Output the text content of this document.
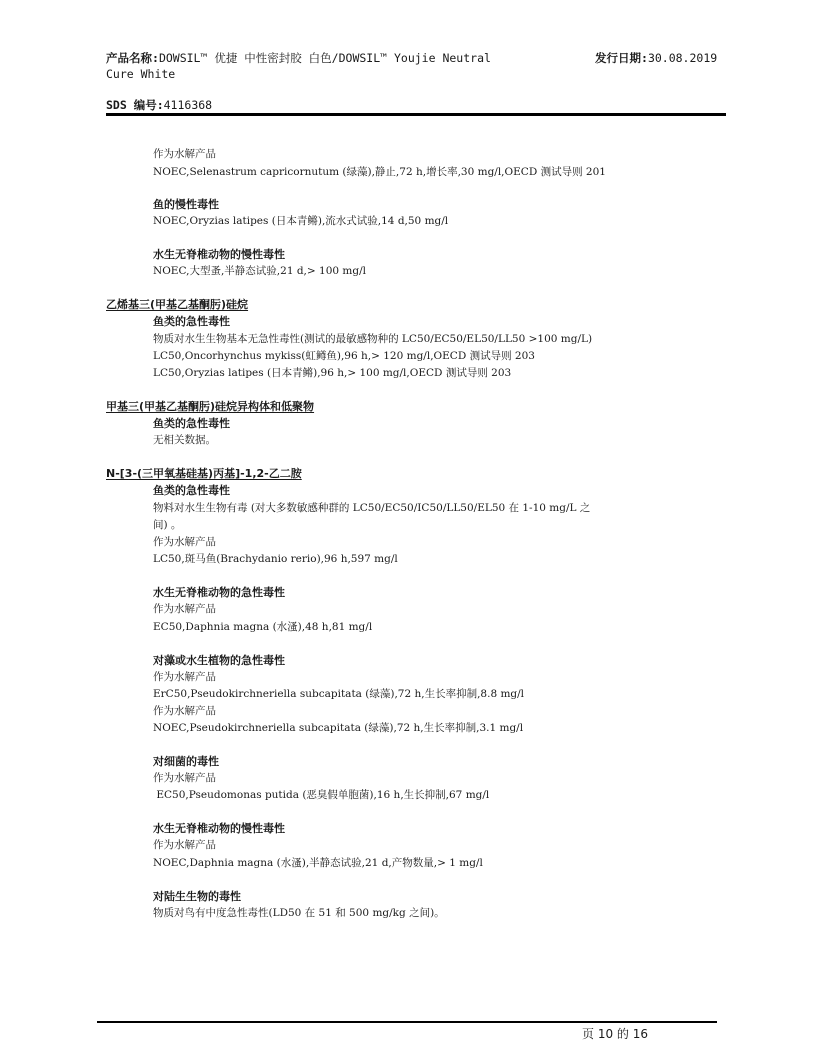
产品名称:DOWSIL™ 优捷 中性密封胶 白色/DOWSIL™ Youjie Neutral
Cure White
发行日期:30.08.2019
SDS 编号:4116368
作为水解产品
NOEC,Selenastrum capricornutum (绿藻),静止,72 h,增长率,30 mg/l,OECD 测试导则 201
鱼的慢性毒性
NOEC,Oryzias latipes (日本青鳉),流水式试验,14 d,50 mg/l
水生无脊椎动物的慢性毒性
NOEC,大型蚤,半静态试验,21 d,> 100 mg/l
乙烯基三(甲基乙基酮肟)硅烷
鱼类的急性毒性
物质对水生生物基本无急性毒性(测试的最敏感物种的 LC50/EC50/EL50/LL50 >100 mg/L)
LC50,Oncorhynchus mykiss(虹鳟鱼),96 h,> 120 mg/l,OECD 测试导则 203
LC50,Oryzias latipes (日本青鳉),96 h,> 100 mg/l,OECD 测试导则 203
甲基三(甲基乙基酮肟)硅烷异构体和低聚物
鱼类的急性毒性
无相关数据。
N-[3-(三甲氧基硅基)丙基]-1,2-乙二胺
鱼类的急性毒性
物料对水生生物有毒 (对大多数敏感种群的 LC50/EC50/IC50/LL50/EL50 在 1-10 mg/L 之
间) 。
作为水解产品
LC50,斑马鱼(Brachydanio rerio),96 h,597 mg/l
水生无脊椎动物的急性毒性
作为水解产品
EC50,Daphnia magna (水溞),48 h,81 mg/l
对藻或水生植物的急性毒性
作为水解产品
ErC50,Pseudokirchneriella subcapitata (绿藻),72 h,生长率抑制,8.8 mg/l
作为水解产品
NOEC,Pseudokirchneriella subcapitata (绿藻),72 h,生长率抑制,3.1 mg/l
对细菌的毒性
作为水解产品
EC50,Pseudomonas putida (恶臭假单胞菌),16 h,生长抑制,67 mg/l
水生无脊椎动物的慢性毒性
作为水解产品
NOEC,Daphnia magna (水溞),半静态试验,21 d,产物数量,> 1 mg/l
对陆生生物的毒性
物质对鸟有中度急性毒性(LD50 在 51 和 500 mg/kg 之间)。
页 10 的 16
